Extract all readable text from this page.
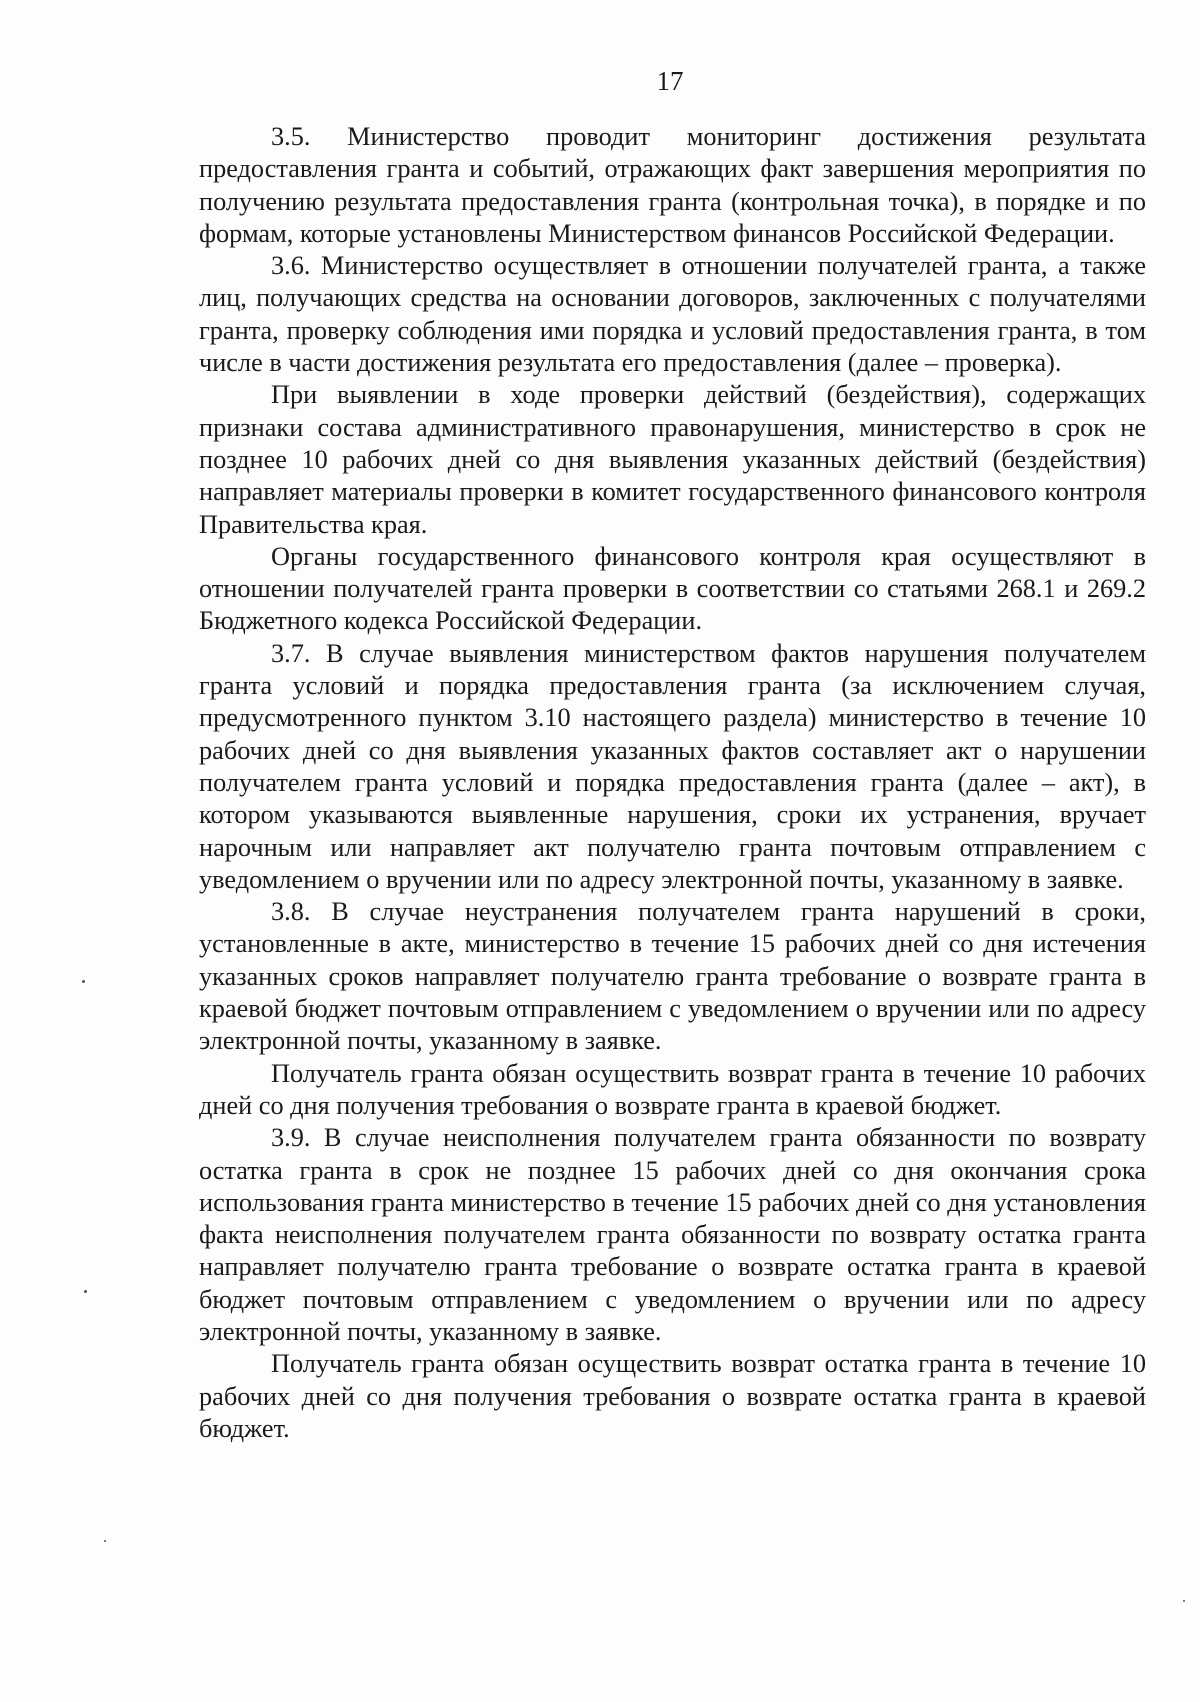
17

3.5. Министерство проводит мониторинг достижения результата предоставления гранта и событий, отражающих факт завершения мероприятия по получению результата предоставления гранта (контрольная точка), в порядке и по формам, которые установлены Министерством финансов Российской Федерации.

3.6. Министерство осуществляет в отношении получателей гранта, а также лиц, получающих средства на основании договоров, заключенных с получателями гранта, проверку соблюдения ими порядка и условий предоставления гранта, в том числе в части достижения результата его предоставления (далее – проверка).

При выявлении в ходе проверки действий (бездействия), содержащих признаки состава административного правонарушения, министерство в срок не позднее 10 рабочих дней со дня выявления указанных действий (бездействия) направляет материалы проверки в комитет государственного финансового контроля Правительства края.

Органы государственного финансового контроля края осуществляют в отношении получателей гранта проверки в соответствии со статьями 268.1 и 269.2 Бюджетного кодекса Российской Федерации.

3.7. В случае выявления министерством фактов нарушения получателем гранта условий и порядка предоставления гранта (за исключением случая, предусмотренного пунктом 3.10 настоящего раздела) министерство в течение 10 рабочих дней со дня выявления указанных фактов составляет акт о нарушении получателем гранта условий и порядка предоставления гранта (далее – акт), в котором указываются выявленные нарушения, сроки их устранения, вручает нарочным или направляет акт получателю гранта почтовым отправлением с уведомлением о вручении или по адресу электронной почты, указанному в заявке.

3.8. В случае неустранения получателем гранта нарушений в сроки, установленные в акте, министерство в течение 15 рабочих дней со дня истечения указанных сроков направляет получателю гранта требование о возврате гранта в краевой бюджет почтовым отправлением с уведомлением о вручении или по адресу электронной почты, указанному в заявке.

Получатель гранта обязан осуществить возврат гранта в течение 10 рабочих дней со дня получения требования о возврате гранта в краевой бюджет.

3.9. В случае неисполнения получателем гранта обязанности по возврату остатка гранта в срок не позднее 15 рабочих дней со дня окончания срока использования гранта министерство в течение 15 рабочих дней со дня установления факта неисполнения получателем гранта обязанности по возврату остатка гранта направляет получателю гранта требование о возврате остатка гранта в краевой бюджет почтовым отправлением с уведомлением о вручении или по адресу электронной почты, указанному в заявке.

Получатель гранта обязан осуществить возврат остатка гранта в течение 10 рабочих дней со дня получения требования о возврате остатка гранта в краевой бюджет.
